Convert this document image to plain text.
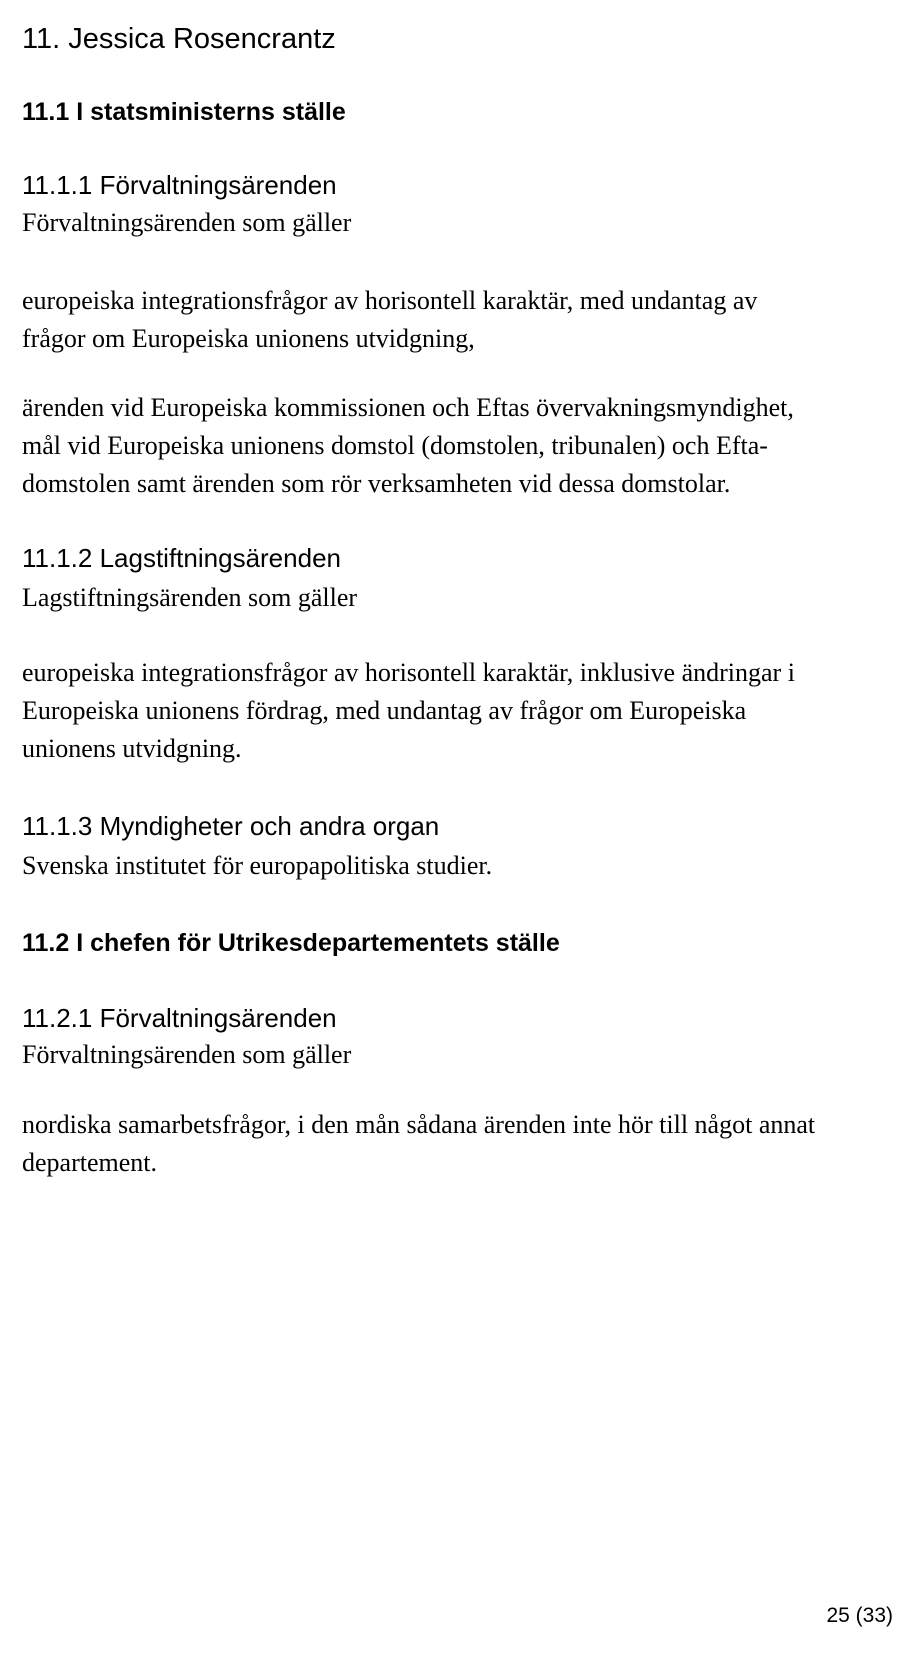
11. Jessica Rosencrantz
11.1 I statsministerns ställe
11.1.1 Förvaltningsärenden
Förvaltningsärenden som gäller
europeiska integrationsfrågor av horisontell karaktär, med undantag av
frågor om Europeiska unionens utvidgning,
ärenden vid Europeiska kommissionen och Eftas övervakningsmyndighet,
mål vid Europeiska unionens domstol (domstolen, tribunalen) och Efta-
domstolen samt ärenden som rör verksamheten vid dessa domstolar.
11.1.2 Lagstiftningsärenden
Lagstiftningsärenden som gäller
europeiska integrationsfrågor av horisontell karaktär, inklusive ändringar i
Europeiska unionens fördrag, med undantag av frågor om Europeiska
unionens utvidgning.
11.1.3 Myndigheter och andra organ
Svenska institutet för europapolitiska studier.
11.2 I chefen för Utrikesdepartementets ställe
11.2.1 Förvaltningsärenden
Förvaltningsärenden som gäller
nordiska samarbetsfrågor, i den mån sådana ärenden inte hör till något annat
departement.
25 (33)
